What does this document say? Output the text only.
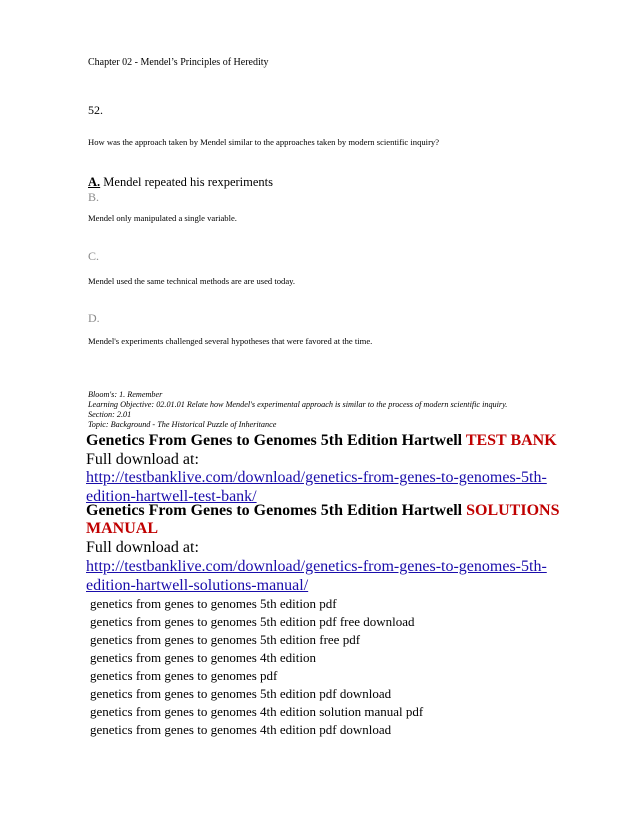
Chapter 02 - Mendel’s Principles of Heredity
52.
How was the approach taken by Mendel similar to the approaches taken by modern scientific inquiry?
A. Mendel repeated his rexperiments
B.
Mendel only manipulated a single variable.
C.
Mendel used the same technical methods are are used today.
D.
Mendel's experiments challenged several hypotheses that were favored at the time.
Bloom's: 1. Remember
Learning Objective: 02.01.01 Relate how Mendel's experimental approach is similar to the process of modern scientific inquiry.
Section: 2.01
Topic: Background - The Historical Puzzle of Inheritance
Genetics From Genes to Genomes 5th Edition Hartwell TEST BANK
Full download at:
http://testbanklive.com/download/genetics-from-genes-to-genomes-5th-
edition-hartwell-test-bank/
Genetics From Genes to Genomes 5th Edition Hartwell SOLUTIONS
MANUAL
Full download at:
http://testbanklive.com/download/genetics-from-genes-to-genomes-5th-
edition-hartwell-solutions-manual/
genetics from genes to genomes 5th edition pdf
genetics from genes to genomes 5th edition pdf free download
genetics from genes to genomes 5th edition free pdf
genetics from genes to genomes 4th edition
genetics from genes to genomes pdf
genetics from genes to genomes 5th edition pdf download
genetics from genes to genomes 4th edition solution manual pdf
genetics from genes to genomes 4th edition pdf download
